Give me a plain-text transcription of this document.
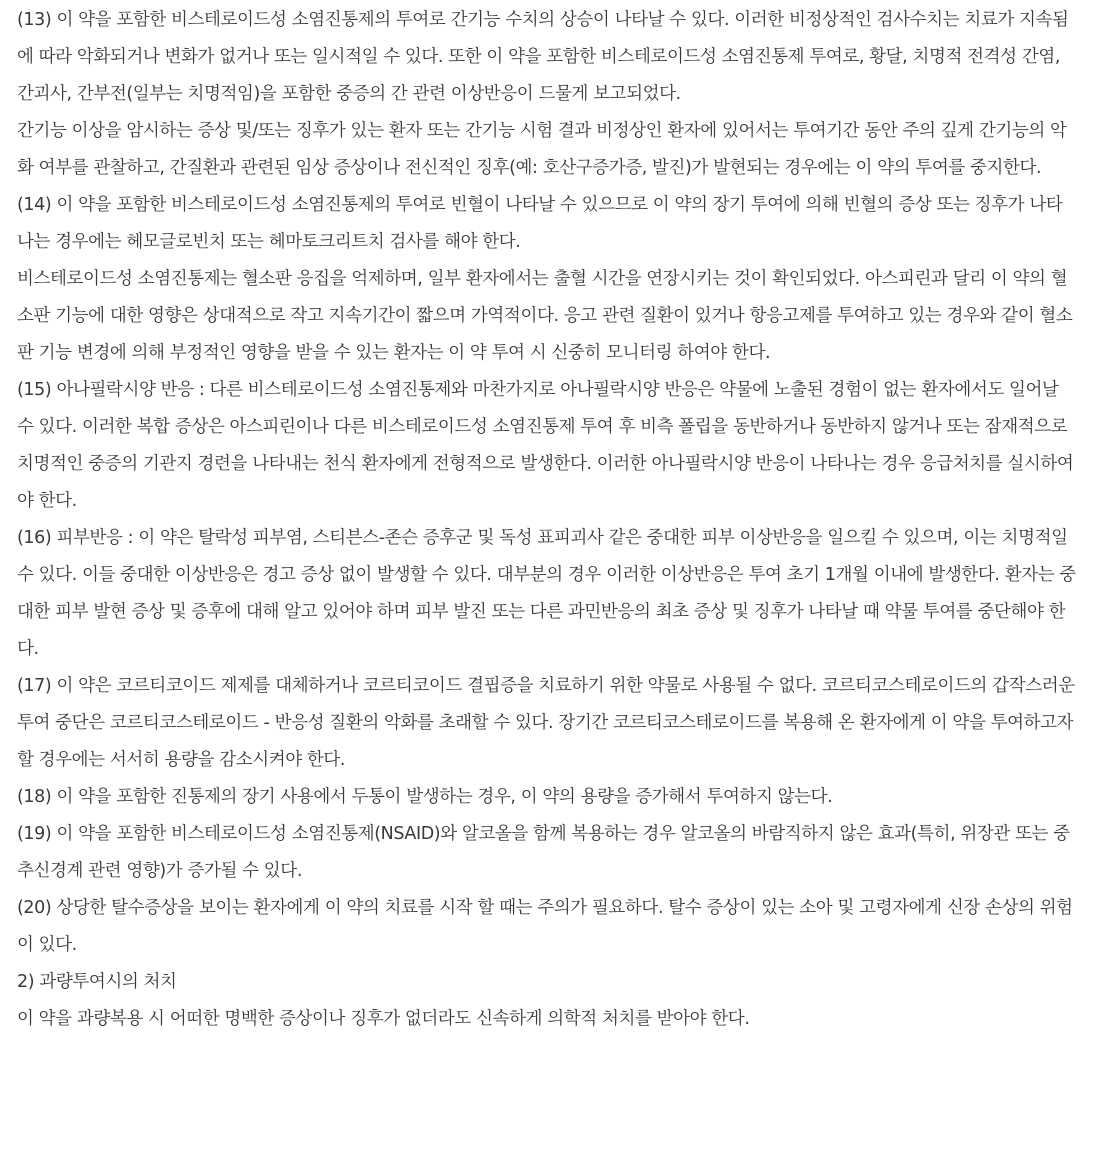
(13) 이 약을 포함한 비스테로이드성 소염진통제의 투여로 간기능 수치의 상승이 나타날 수 있다. 이러한 비정상적인 검사수치는 치료가 지속됨에 따라 악화되거나 변화가 없거나 또는 일시적일 수 있다. 또한 이 약을 포함한 비스테로이드성 소염진통제 투여로, 황달, 치명적 전격성 간염, 간괴사, 간부전(일부는 치명적임)을 포함한 중증의 간 관련 이상반응이 드물게 보고되었다.

간기능 이상을 암시하는 증상 및/또는 징후가 있는 환자 또는 간기능 시험 결과 비정상인 환자에 있어서는 투여기간 동안 주의 깊게 간기능의 악화 여부를 관찰하고, 간질환과 관련된 임상 증상이나 전신적인 징후(예: 호산구증가증, 발진)가 발현되는 경우에는 이 약의 투여를 중지한다.

(14) 이 약을 포함한 비스테로이드성 소염진통제의 투여로 빈혈이 나타날 수 있으므로 이 약의 장기 투여에 의해 빈혈의 증상 또는 징후가 나타나는 경우에는 헤모글로빈치 또는 헤마토크리트치 검사를 해야 한다.

비스테로이드성 소염진통제는 혈소판 응집을 억제하며, 일부 환자에서는 출혈 시간을 연장시키는 것이 확인되었다. 아스피린과 달리 이 약의 혈소판 기능에 대한 영향은 상대적으로 작고 지속기간이 짧으며 가역적이다. 응고 관련 질환이 있거나 항응고제를 투여하고 있는 경우와 같이 혈소판 기능 변경에 의해 부정적인 영향을 받을 수 있는 환자는 이 약 투여 시 신중히 모니터링 하여야 한다.

(15) 아나필락시양 반응 : 다른 비스테로이드성 소염진통제와 마찬가지로 아나필락시양 반응은 약물에 노출된 경험이 없는 환자에서도 일어날 수 있다. 이러한 복합 증상은 아스피린이나 다른 비스테로이드성 소염진통제 투여 후 비측 폴립을 동반하거나 동반하지 않거나 또는 잠재적으로 치명적인 중증의 기관지 경련을 나타내는 천식 환자에게 전형적으로 발생한다. 이러한 아나필락시양 반응이 나타나는 경우 응급처치를 실시하여야 한다.

(16) 피부반응 : 이 약은 탈락성 피부염, 스티븐스-존슨 증후군 및 독성 표피괴사 같은 중대한 피부 이상반응을 일으킬 수 있으며, 이는 치명적일 수 있다. 이들 중대한 이상반응은 경고 증상 없이 발생할 수 있다. 대부분의 경우 이러한 이상반응은 투여 초기 1개월 이내에 발생한다. 환자는 중대한 피부 발현 증상 및 증후에 대해 알고 있어야 하며 피부 발진 또는 다른 과민반응의 최초 증상 및 징후가 나타날 때 약물 투여를 중단해야 한다.

(17) 이 약은 코르티코이드 제제를 대체하거나 코르티코이드 결핍증을 치료하기 위한 약물로 사용될 수 없다. 코르티코스테로이드의 갑작스러운 투여 중단은 코르티코스테로이드 - 반응성 질환의 악화를 초래할 수 있다. 장기간 코르티코스테로이드를 복용해 온 환자에게 이 약을 투여하고자 할 경우에는 서서히 용량을 감소시켜야 한다.

(18) 이 약을 포함한 진통제의 장기 사용에서 두통이 발생하는 경우, 이 약의 용량을 증가해서 투여하지 않는다.

(19) 이 약을 포함한 비스테로이드성 소염진통제(NSAID)와 알코올을 함께 복용하는 경우 알코올의 바람직하지 않은 효과(특히, 위장관 또는 중추신경계 관련 영향)가 증가될 수 있다.

(20) 상당한 탈수증상을 보이는 환자에게 이 약의 치료를 시작 할 때는 주의가 필요하다. 탈수 증상이 있는 소아 및 고령자에게 신장 손상의 위험이 있다.

2) 과량투여시의 처치

이 약을 과량복용 시 어떠한 명백한 증상이나 징후가 없더라도 신속하게 의학적 처치를 받아야 한다.
